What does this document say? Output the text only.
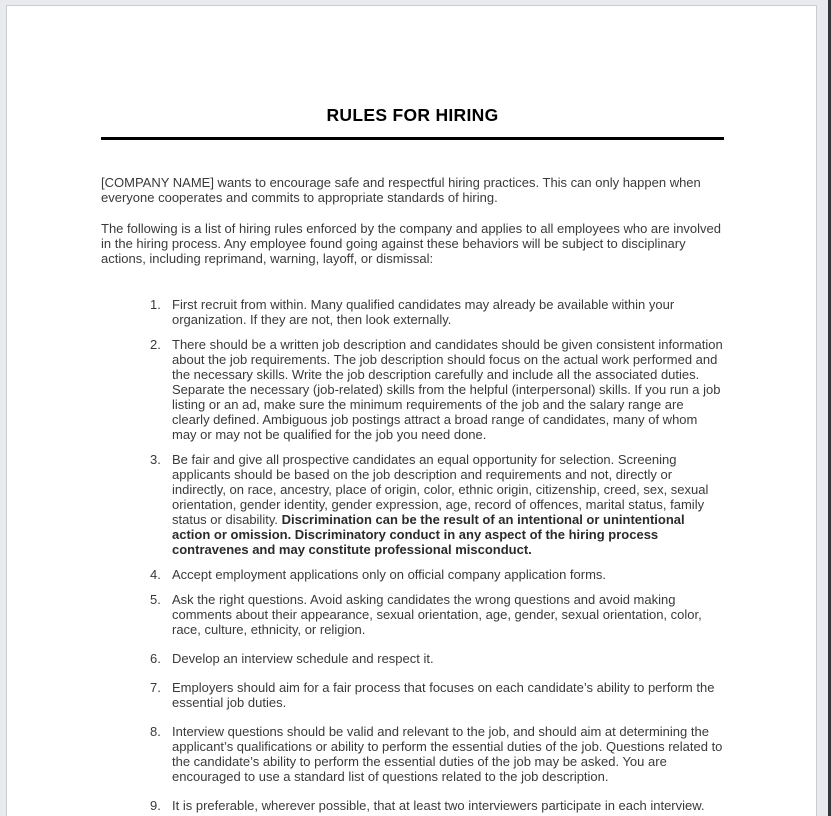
RULES FOR HIRING

[COMPANY NAME] wants to encourage safe and respectful hiring practices. This can only happen when everyone cooperates and commits to appropriate standards of hiring.

The following is a list of hiring rules enforced by the company and applies to all employees who are involved in the hiring process. Any employee found going against these behaviors will be subject to disciplinary actions, including reprimand, warning, layoff, or dismissal:

1. First recruit from within. Many qualified candidates may already be available within your organization. If they are not, then look externally.
2. There should be a written job description and candidates should be given consistent information about the job requirements. The job description should focus on the actual work performed and the necessary skills. Write the job description carefully and include all the associated duties. Separate the necessary (job-related) skills from the helpful (interpersonal) skills. If you run a job listing or an ad, make sure the minimum requirements of the job and the salary range are clearly defined. Ambiguous job postings attract a broad range of candidates, many of whom may or may not be qualified for the job you need done.
3. Be fair and give all prospective candidates an equal opportunity for selection. Screening applicants should be based on the job description and requirements and not, directly or indirectly, on race, ancestry, place of origin, color, ethnic origin, citizenship, creed, sex, sexual orientation, gender identity, gender expression, age, record of offences, marital status, family status or disability. Discrimination can be the result of an intentional or unintentional action or omission. Discriminatory conduct in any aspect of the hiring process contravenes and may constitute professional misconduct.
4. Accept employment applications only on official company application forms.
5. Ask the right questions. Avoid asking candidates the wrong questions and avoid making comments about their appearance, sexual orientation, age, gender, sexual orientation, color, race, culture, ethnicity, or religion.
6. Develop an interview schedule and respect it.
7. Employers should aim for a fair process that focuses on each candidate’s ability to perform the essential job duties.
8. Interview questions should be valid and relevant to the job, and should aim at determining the applicant’s qualifications or ability to perform the essential duties of the job. Questions related to the candidate’s ability to perform the essential duties of the job may be asked. You are encouraged to use a standard list of questions related to the job description.
9. It is preferable, wherever possible, that at least two interviewers participate in each interview.
